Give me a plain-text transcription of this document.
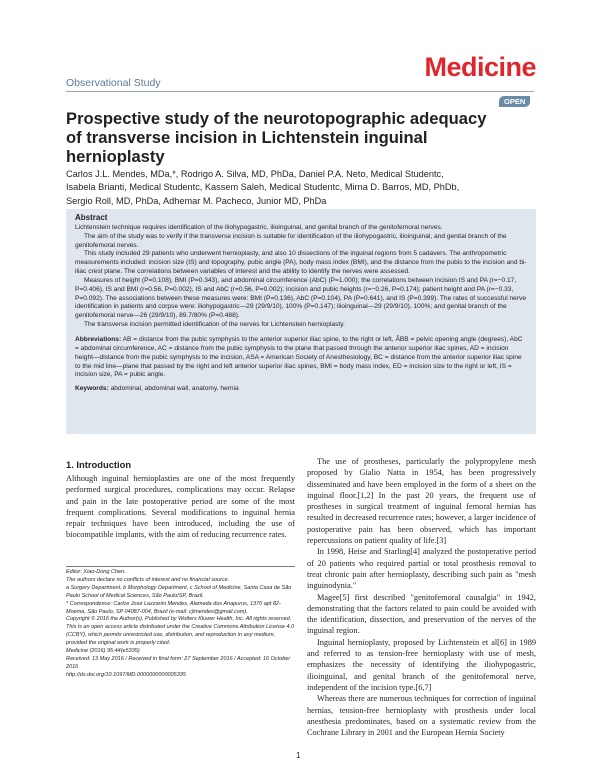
Observational Study
Medicine
OPEN
Prospective study of the neurotopographic adequacy of transverse incision in Lichtenstein inguinal hernioplasty
Carlos J.L. Mendes, MDa,*, Rodrigo A. Silva, MD, PhDa, Daniel P.A. Neto, Medical Studentc,
Isabela Brianti, Medical Studentc, Kassem Saleh, Medical Studentc, Mirna D. Barros, MD, PhDb,
Sergio Roll, MD, PhDa, Adhemar M. Pacheco, Junior MD, PhDa

Abstract

Lichtenstein technique requires identification of the iliohypogastric, ilioinguinal, and genital branch of the genitofemoral nerves.

The aim of the study was to verify if the transverse incision is suitable for identification of the iliohypogastric, ilioinguinal, and genital branch of the genitofemoral nerves.

This study included 29 patients who underwent hernioplasty, and also 10 dissections of the inguinal regions from 5 cadavers. The anthropometric measurements included: incision size (IS) and topography, pubic angle (PA), body mass index (BMI), and the distance from the pubis to the incision and bi-iliac crest plane. The correlations between variables of interest and the ability to identify the nerves were assessed.

Measures of height (P=0.108), BMI (P=0.343), and abdominal circumference (AbC) (P=1.000); the correlations between incision IS and PA (r=−0.17, P=0.406), IS and BMI (r=0.56, P=0.002), IS and AbC (r=0.56, P=0.002); incision and pubic heights (r=−0.26, P=0.174); patient height and PA (r=−0.33, P=0.092). The associations between these measures were: BMI (P=0.136), AbC (P=0.104), PA (P=0.641), and IS (P=0.399). The rates of successful nerve identification in patients and corpse were: iliohypogastric—29 (29/9/10), 100% (P=0.147); ilioinguinal—29 (29/9/10), 100%; and genital branch of the genitofemoral nerve—26 (29/9/10), 89.7/80% (P=0.488).

The transverse incision permitted identification of the nerves for Lichtenstein hernioplasty.

Abbreviations: AB = distance from the pubic symphysis to the anterior superior iliac spine, to the right or left, ÂBB = pelvic opening angle (degrees), AbC = abdominal circumference, AC = distance from the pubic symphysis to the plane that passed through the anterior superior iliac spines, AD = incision height—distance from the pubic symphysis to the incision, ASA = American Society of Anesthesiology, BC = distance from the anterior superior iliac spine to the mid line—plane that passed by the right and left anterior superior iliac spines, BMI = body mass index, ED = incision size to the right or left, IS = incision size, PA = pubic angle.

Keywords: abdominal, abdominal wall, anatomy, hernia

1. Introduction

Although inguinal hernioplasties are one of the most frequently performed surgical procedures, complications may occur. Relapse and pain in the late postoperative period are some of the most frequent complications. Several modifications to inguinal hernia repair techniques have been introduced, including the use of biocompatible implants, with the aim of reducing recurrence rates.

Editor: Xiao-Dong Chen.

The authors declare no conflicts of interest and no financial source.

a Surgery Department, b Morphology Department, c School of Medicine, Santa Casa de São Paulo School of Medical Sciences, São Paulo/SP, Brazil.

* Correspondence: Carlos José Lazzarini Mendes, Alameda dos Anapurus, 1370 apt 82-Moema, São Paulo, SP 04087-004, Brazil (e-mail: cjlmendes@gmail.com).

Copyright © 2016 the Author(s). Published by Wolters Kluwer Health, Inc. All rights reserved.

This is an open access article distributed under the Creative Commons Attribution License 4.0 (CCBY), which permits unrestricted use, distribution, and reproduction in any medium, provided the original work is properly cited.

Medicine (2016) 95:44(e5335)

Received: 13 May 2016 / Received in final form: 27 September 2016 / Accepted: 16 October 2016

http://dx.doi.org/10.1097/MD.0000000000005335

The use of prostheses, particularly the polypropylene mesh proposed by Gialio Natta in 1954, has been progressively disseminated and have been employed in the form of a sheet on the inguinal floor.[1,2] In the past 20 years, the frequent use of prostheses in surgical treatment of inguinal femoral hernias has resulted in decreased recurrence rates; however, a larger incidence of postoperative pain has been observed, which has important repercussions on patient quality of life.[3]

In 1998, Heise and Starling[4] analyzed the postoperative period of 20 patients who required partial or total prosthesis removal to treat chronic pain after hernioplasty, describing such pain as "mesh inguinodynia."

Magee[5] first described "genitofemoral causalgia" in 1942, demonstrating that the factors related to pain could be avoided with the identification, dissection, and preservation of the nerves of the inguinal region.

Inguinal hernioplasty, proposed by Lichtenstein et al[6] in 1989 and referred to as tension-free hernioplasty with use of mesh, emphasizes the necessity of identifying the iliohypogastric, ilioinguinal, and genital branch of the genitofemoral nerve, independent of the incision type.[6,7]

Whereas there are numerous techniques for correction of inguinal hernias, tension-free hernioplasty with prosthesis under local anesthesia predominates, based on a systematic review from the Cochrane Library in 2001 and the European Hernia Society

1
